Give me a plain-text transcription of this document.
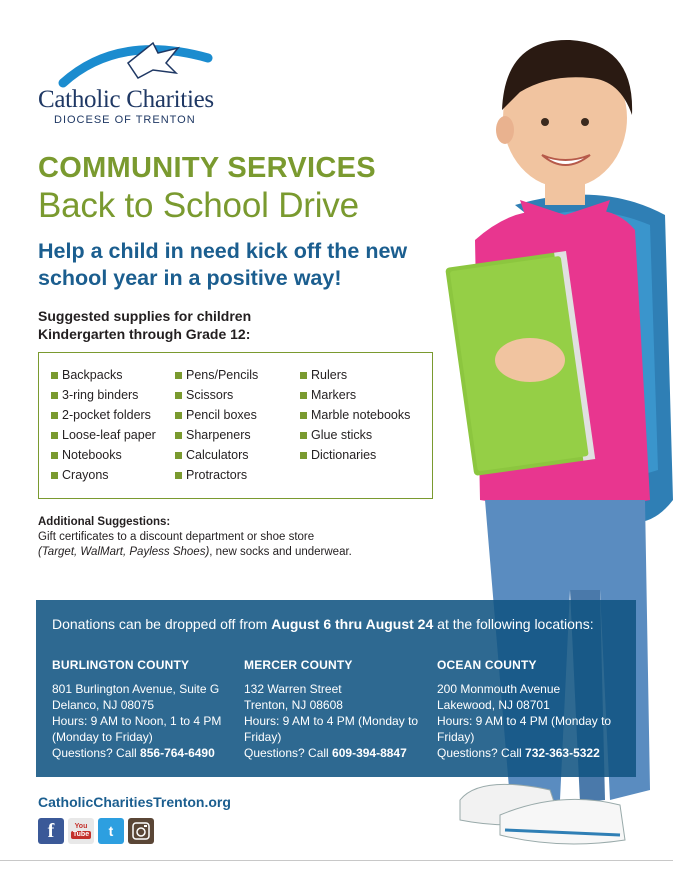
Catholic Charities
DIOCESE OF TRENTON
COMMUNITY SERVICES
Back to School Drive
Help a child in need kick off the new school year in a positive way!
Suggested supplies for children
Kindergarten through Grade 12:
Backpacks
3-ring binders
2-pocket folders
Loose-leaf paper
Notebooks
Crayons
Pens/Pencils
Scissors
Pencil boxes
Sharpeners
Calculators
Protractors
Rulers
Markers
Marble notebooks
Glue sticks
Dictionaries
Additional Suggestions:
Gift certificates to a discount department or shoe store
(Target, WalMart, Payless Shoes), new socks and underwear.
Donations can be dropped off from August 6 thru August 24 at the following locations:
BURLINGTON COUNTY
801 Burlington Avenue, Suite G
Delanco, NJ 08075
Hours: 9 AM to Noon, 1 to 4 PM (Monday to Friday)
Questions? Call 856-764-6490
MERCER COUNTY
132 Warren Street
Trenton, NJ 08608
Hours: 9 AM to 4 PM (Monday to Friday)
Questions? Call 609-394-8847
OCEAN COUNTY
200 Monmouth Avenue
Lakewood, NJ 08701
Hours: 9 AM to 4 PM (Monday to Friday)
Questions? Call 732-363-5322
CatholicCharitiesTrenton.org
f	You
Tube	t
